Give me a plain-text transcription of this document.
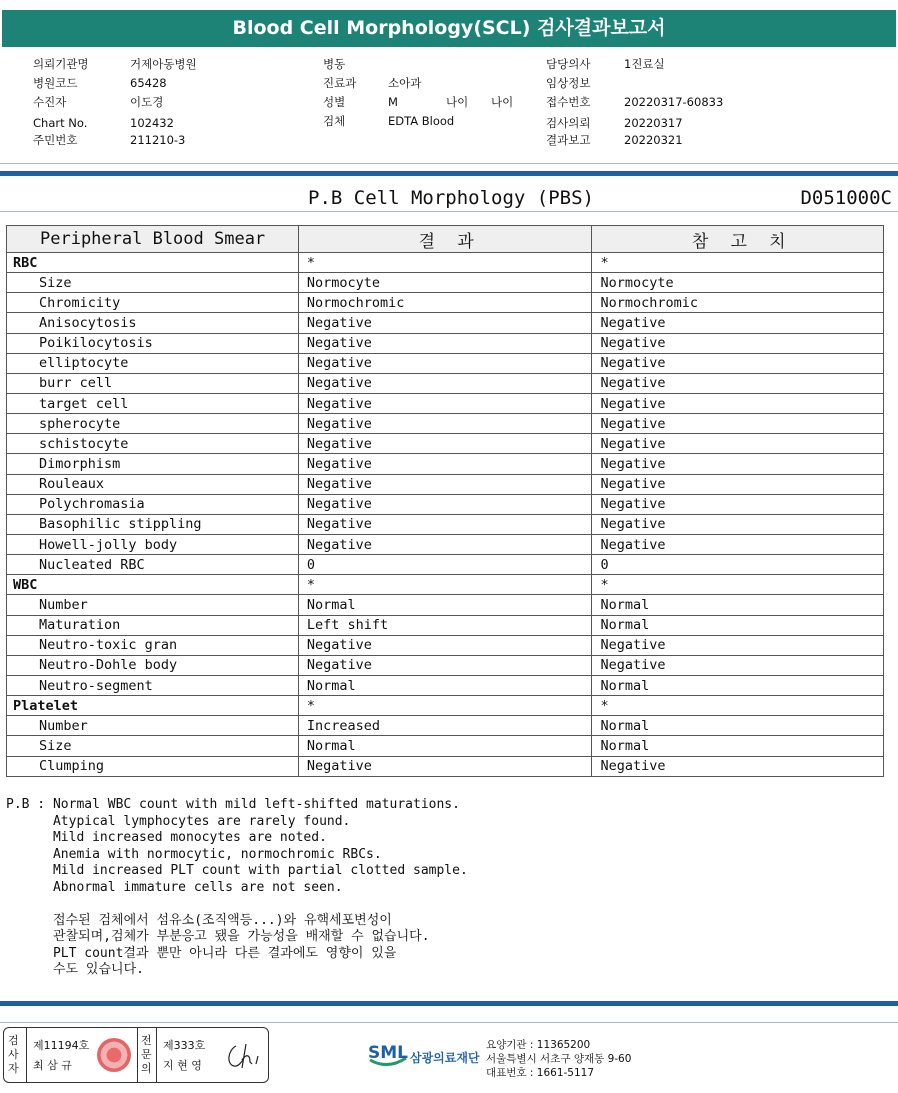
Blood Cell Morphology(SCL) 검사결과보고서
의뢰기관명	거제아동병원
병원코드	65428
수진자	이도경
Chart No.	102432
주민번호	211210-3
병동
진료과	소아과
성별	M	나이 나이
검체	EDTA Blood
담당의사	1진료실
임상정보
접수번호	20220317-60833
검사의뢰	20220317
결과보고	20220321
P.B Cell Morphology (PBS)	D051000C
Peripheral Blood Smear	결 과	참 고 치
RBC	*	*
Size	Normocyte	Normocyte
Chromicity	Normochromic	Normochromic
Anisocytosis	Negative	Negative
Poikilocytosis	Negative	Negative
elliptocyte	Negative	Negative
burr cell	Negative	Negative
target cell	Negative	Negative
spherocyte	Negative	Negative
schistocyte	Negative	Negative
Dimorphism	Negative	Negative
Rouleaux	Negative	Negative
Polychromasia	Negative	Negative
Basophilic stippling	Negative	Negative
Howell-jolly body	Negative	Negative
Nucleated RBC	0	0
WBC	*	*
Number	Normal	Normal
Maturation	Left shift	Normal
Neutro-toxic gran	Negative	Negative
Neutro-Dohle body	Negative	Negative
Neutro-segment	Normal	Normal
Platelet	*	*
Number	Increased	Normal
Size	Normal	Normal
Clumping	Negative	Negative
P.B : Normal WBC count with mild left-shifted maturations.
Atypical lymphocytes are rarely found.
Mild increased monocytes are noted.
Anemia with normocytic, normochromic RBCs.
Mild increased PLT count with partial clotted sample.
Abnormal immature cells are not seen.
접수된 검체에서 섬유소(조직액등...)와 유핵세포변성이
관찰되며,검체가 부분응고 됐을 가능성을 배재할 수 없습니다.
PLT count결과 뿐만 아니라 다른 결과에도 영향이 있을
수도 있습니다.
검사자
제11194호
최 삼 규
전문의
제333호
지 현 영
SML 삼광의료재단
요양기관 : 11365200
서울특별시 서초구 양재동 9-60
대표번호 : 1661-5117
